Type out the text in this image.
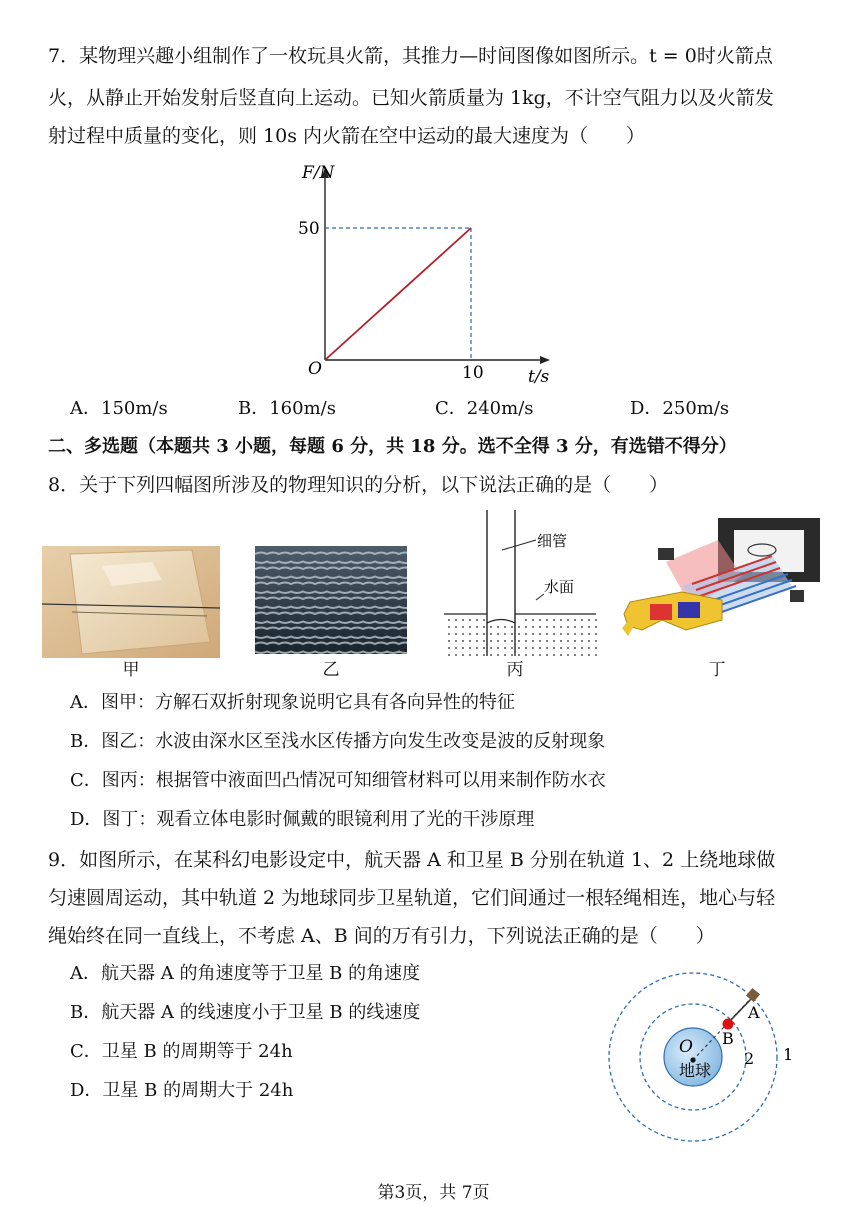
7．某物理兴趣小组制作了一枚玩具火箭，其推力—时间图像如图所示。t = 0时火箭点
火，从静止开始发射后竖直向上运动。已知火箭质量为 1kg，不计空气阻力以及火箭发
射过程中质量的变化，则 10s 内火箭在空中运动的最大速度为（　　）
F/N
t/s
O
50
10
A．150m/s	B．160m/s	C．240m/s	D．250m/s
二、多选题（本题共 3 小题，每题 6 分，共 18 分。选不全得 3 分，有选错不得分）
8．关于下列四幅图所涉及的物理知识的分析，以下说法正确的是（　　）
甲	乙
细管
水面
丙	丁
A．图甲：方解石双折射现象说明它具有各向异性的特征
B．图乙：水波由深水区至浅水区传播方向发生改变是波的反射现象
C．图丙：根据管中液面凹凸情况可知细管材料可以用来制作防水衣
D．图丁：观看立体电影时佩戴的眼镜利用了光的干涉原理
9．如图所示，在某科幻电影设定中，航天器 A 和卫星 B 分别在轨道 1、2 上绕地球做
匀速圆周运动，其中轨道 2 为地球同步卫星轨道，它们间通过一根轻绳相连，地心与轻
绳始终在同一直线上，不考虑 A、B 间的万有引力，下列说法正确的是（　　）
A．航天器 A 的角速度等于卫星 B 的角速度
B．航天器 A 的线速度小于卫星 B 的线速度
C．卫星 B 的周期等于 24h
D．卫星 B 的周期大于 24h
O
地球
B
A
2 1
第3页，共 7页
